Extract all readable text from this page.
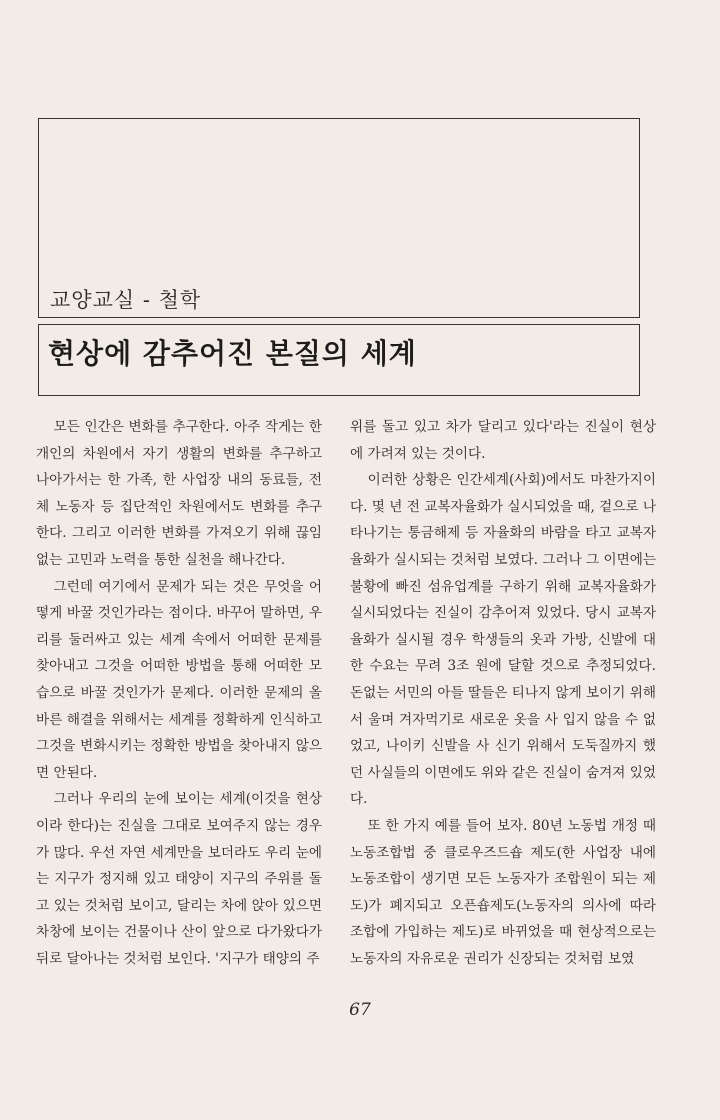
교양교실 - 철학
현상에 감추어진 본질의 세계

모든 인간은 변화를 추구한다. 아주 작게는 한 개인의 차원에서 자기 생활의 변화를 추구하고 나아가서는 한 가족, 한 사업장 내의 동료들, 전체 노동자 등 집단적인 차원에서도 변화를 추구한다. 그리고 이러한 변화를 가져오기 위해 끊임없는 고민과 노력을 통한 실천을 해나간다.

그런데 여기에서 문제가 되는 것은 무엇을 어떻게 바꿀 것인가라는 점이다. 바꾸어 말하면, 우리를 둘러싸고 있는 세계 속에서 어떠한 문제를 찾아내고 그것을 어떠한 방법을 통해 어떠한 모습으로 바꿀 것인가가 문제다. 이러한 문제의 올바른 해결을 위해서는 세계를 정확하게 인식하고 그것을 변화시키는 정확한 방법을 찾아내지 않으면 안된다.

그러나 우리의 눈에 보이는 세계(이것을 현상이라 한다)는 진실을 그대로 보여주지 않는 경우가 많다. 우선 자연 세계만을 보더라도 우리 눈에는 지구가 정지해 있고 태양이 지구의 주위를 돌고 있는 것처럼 보이고, 달리는 차에 앉아 있으면 차창에 보이는 건물이나 산이 앞으로 다가왔다가 뒤로 달아나는 것처럼 보인다. '지구가 태양의 주

위를 돌고 있고 차가 달리고 있다'라는 진실이 현상에 가려져 있는 것이다.

이러한 상황은 인간세계(사회)에서도 마찬가지이다. 몇 년 전 교복자율화가 실시되었을 때, 겉으로 나타나기는 통금해제 등 자율화의 바람을 타고 교복자율화가 실시되는 것처럼 보였다. 그러나 그 이면에는 불황에 빠진 섬유업계를 구하기 위해 교복자율화가 실시되었다는 진실이 감추어져 있었다. 당시 교복자율화가 실시될 경우 학생들의 옷과 가방, 신발에 대한 수요는 무려 3조 원에 달할 것으로 추정되었다. 돈없는 서민의 아들 딸들은 티나지 않게 보이기 위해서 울며 겨자먹기로 새로운 옷을 사 입지 않을 수 없었고, 나이키 신발을 사 신기 위해서 도둑질까지 했던 사실들의 이면에도 위와 같은 진실이 숨겨져 있었다.

또 한 가지 예를 들어 보자. 80년 노동법 개정 때 노동조합법 중 클로우즈드숍 제도(한 사업장 내에 노동조합이 생기면 모든 노동자가 조합원이 되는 제도)가 폐지되고 오픈숍제도(노동자의 의사에 따라 조합에 가입하는 제도)로 바뀌었을 때 현상적으로는 노동자의 자유로운 권리가 신장되는 것처럼 보였

67
